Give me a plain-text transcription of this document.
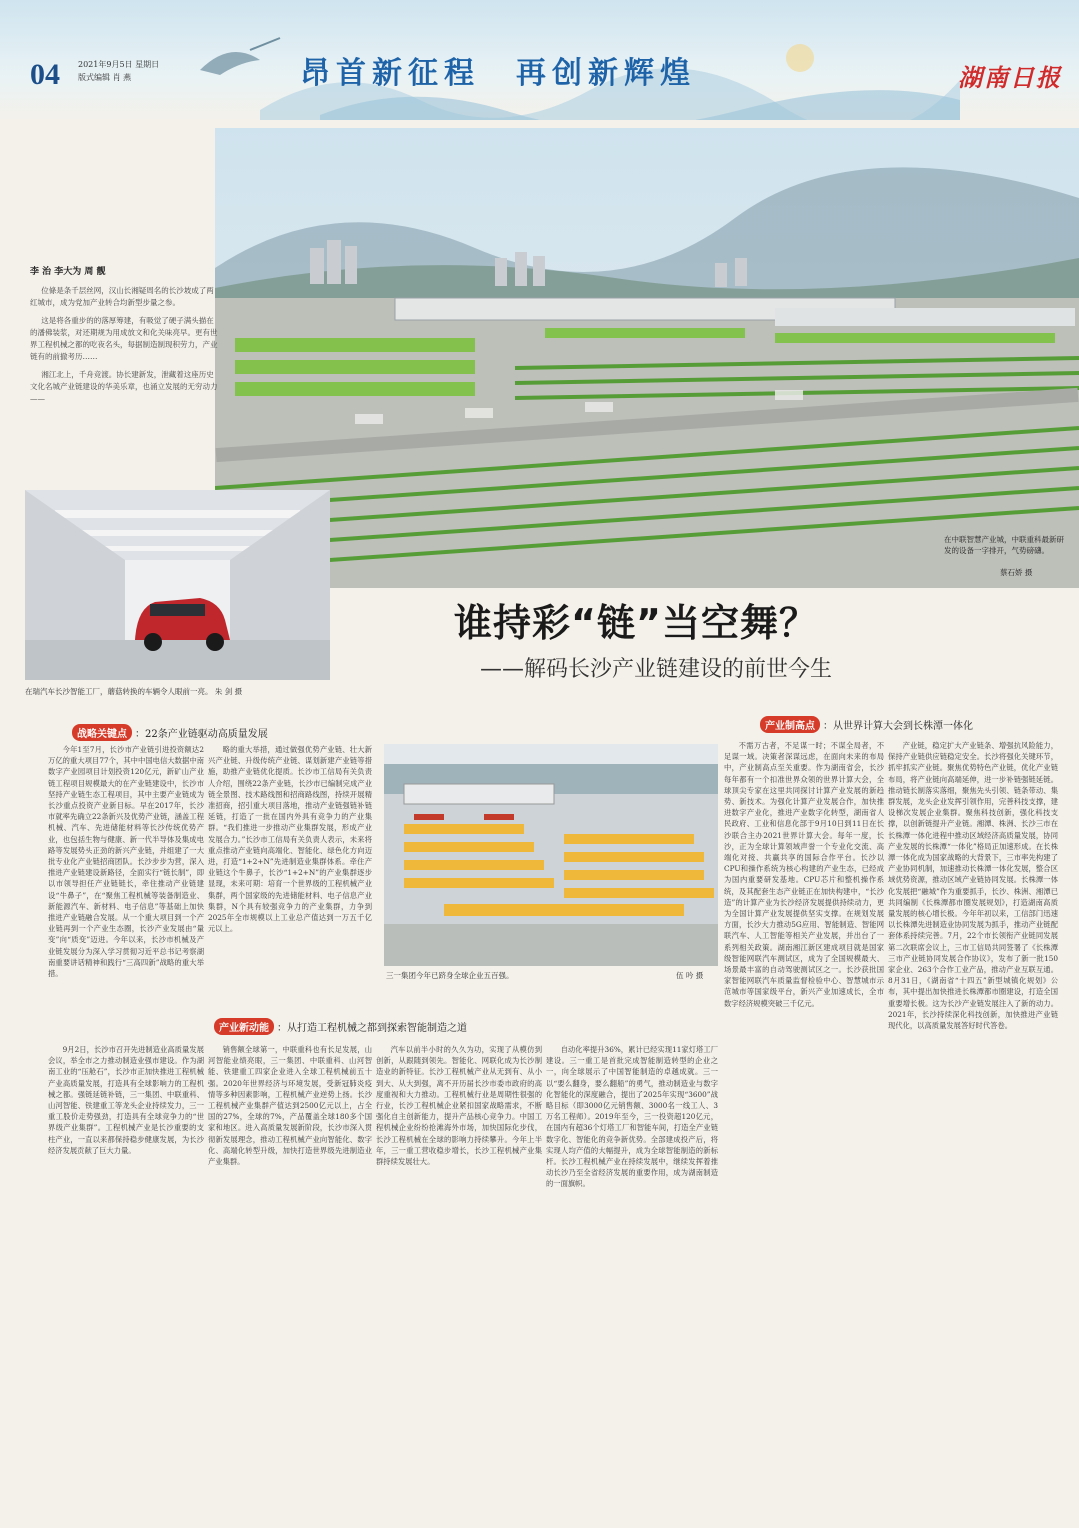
04 2021年9月5日 星期日
版式编辑 肖 燕	昂首新征程　再创新辉煌	湖南日报
李 治 李大为 周 靓

位條是条千层丝网，汉山长湘疑周名的长沙坡成了两红城市，成为党加产业转合均新型步量之参。

这是将各重步的的落厚筹建，有吸觉了硬子满头描在的潘佛装浆，对还期规为用成放文和化关味亮早。更有世界工程机械之都的吃夜名头，每据制造制现积劳力，产业链有的前撤考历……

湘江北上，千舟竞渡。协长建新发，泄藏着这座历史文化名城产业链建设的华美乐章，也涌立发展的无穷动力——

在瑞汽车长沙智能工厂，蘑菇转换的车辆令人眼前一亮。 朱 剑 摄
在中联智慧产业城，中联重科最新研发的设备一字排开，气势磅礴。
蔡石娇 摄
谁持彩“链”当空舞？
——解码长沙产业链建设的前世今生
战略关键点 ：22条产业链驱动高质量发展
产业新动能 ：从打造工程机械之都到探索智能制造之道
产业制高点 ：从世界计算大会到长株潭一体化

今年1至7月，长沙市产业链引进投资额达2万亿的重大项目77个，其中中国电信大数据中南数字产业园项目计划投资120亿元，新矿山产业链工程项目规模最大的在产业链建设中，长沙市坚持产业链生态工程项目，其中主要产业链成为长沙重点投资产业新目标。早在2017年，长沙市就率先确立22条新兴及优势产业链，涵盖工程机械、汽车、先进储能材料等长沙传统优势产业，也包括生物与健康、新一代半导体及集成电路等发展势头正劲的新兴产业链，并组建了一大批专业化产业链招商团队。长沙步步为营，深入推进产业链建设新路径，全面实行“链长制”，即以市领导担任产业链链长，牵住推动产业链建设“牛鼻子”，在“聚焦工程机械等装备制造业、新能源汽车、新材料、电子信息”等基础上加快推进产业链融合发展。从一个重大项目到一个产业链再到一个产业生态圈，长沙产业发展由“量变”向“质变”迈进。今年以来，长沙市机械及产业链发展分为深入学习贯彻习近平总书记考察湖南重要讲话精神和践行“三高四新”战略的重大举措。

略的重大举措，通过做强优势产业链、壮大新兴产业链、升级传统产业链、谋划新建产业链等措施，助推产业链优化提质。长沙市工信局有关负责人介绍，围绕22条产业链，长沙市已编制完成产业链全景图、技术路线图和招商路线图，持续开展精准招商，招引重大项目落地，推动产业链强链补链延链，打造了一批在国内外具有竞争力的产业集群。“我们推进一步推动产业集群发展，形成产业发展合力。”长沙市工信局有关负责人表示，未来将重点推动产业链向高端化、智能化、绿色化方向迈进，打造“1+2+N”先进制造业集群体系。牵住产业链这个牛鼻子，长沙“1+2+N”的产业集群逐步显现，未来可期：培育一个世界级的工程机械产业集群，两个国家级的先进储能材料、电子信息产业集群，N个具有较强竞争力的产业集群，力争到2025年全市规模以上工业总产值达到一万五千亿元以上。

不需万古者，不足谋一时；不谋全局者，不足谋一域。决策者深谋远虑，在面向未来的布局中，产业制高点至关重要。作为湖南省会，长沙每年都有一个扣准世界众领的世界计算大会，全球顶尖专家在这里共同探讨计算产业发展的新趋势、新技术。为强化计算产业发展合作，加快推进数字产业化，推进产业数字化转型，湖南省人民政府、工业和信息化部于9月10日到11日在长沙联合主办2021世界计算大会。每年一度，长沙，正为全球计算领域声誉一个专业化交流、高端化对接、共赢共享的国际合作平台。长沙以CPU和操作系统为核心构建的产业生态，已经成为国内重要研发基地。CPU芯片和整机操作系统，及其配套生态产业链正在加快构建中，“长沙造”的计算产业为长沙经济发展提供持续动力，更为全国计算产业发展提供坚实支撑。在规划发展方面，长沙大力推动5G应用、智能制造、智能网联汽车、人工智能等相关产业发展，并出台了一系列相关政策。湖南湘江新区建成项目就是国家级智能网联汽车测试区，成为了全国规模最大、场景最丰富的自动驾驶测试区之一。长沙获批国家智能网联汽车质量监督检验中心、智慧城市示范城市等国家级平台，新兴产业加速成长，全市数字经济规模突破三千亿元。

产业链，稳定扩大产业链条、增强抗风险能力，保持产业链供应链稳定安全。长沙将强化关键环节，抓牢抓实产业链。聚焦优势特色产业链，优化产业链布局，将产业链向高端延伸，进一步补链强链延链。推动链长制落实落细，聚焦先头引领、链条带动、集群发展，龙头企业发挥引领作用，完善科技支撑，建设梯次发展企业集群。聚焦科技创新，强化科技支撑，以创新链提升产业链。湘潭、株洲、长沙三市在长株潭一体化进程中推动区域经济高质量发展，协同产业发展的长株潭“一体化”格局正加速形成。在长株潭一体化成为国家战略的大背景下，三市率先构建了产业协同机制，加速推动长株潭一体化发展，整合区域优势资源，推动区域产业链协同发展。长株潭一体化发展把“融城”作为重要抓手，长沙、株洲、湘潭已共同编制《长株潭都市圈发展规划》，打造湖南高质量发展的核心增长极。今年年初以来，工信部门迅速以长株潭先进制造业协同发展为抓手，推动产业链配套体系持续完善。7月，22个市长领衔产业链同发展第二次联席会议上，三市工信局共同签署了《长株潭三市产业链协同发展合作协议》，发布了新一批150家企业、263个合作工业产品，推动产业互联互通。8月31日，《湖南省“十四五”新型城镇化规划》公布，其中提出加快推进长株潭都市圈建设，打造全国重要增长极。这为长沙产业链发展注入了新的动力。2021年，长沙持续深化科技创新，加快推进产业链现代化，以高质量发展答好时代答卷。

9月2日，长沙市召开先进制造业高质量发展会议，举全市之力推动制造业强市建设。作为湖南工业的“压舱石”，长沙市正加快推进工程机械产业高质量发展，打造具有全球影响力的工程机械之都。强链延链补链，三一集团、中联重科、山河智能、铁建重工等龙头企业持续发力，三一重工股价走势强劲，打造具有全球竞争力的“世界级产业集群”。工程机械产业是长沙重要的支柱产业，一直以来都保持稳步健康发展，为长沙经济发展贡献了巨大力量。

销售额全球第一，中联重科也有长足发展，山河智能业绩亮眼，三一集团、中联重科、山河智能、铁建重工四家企业进入全球工程机械前五十强。2020年世界经济与环境发展，受新冠肺炎疫情等多种因素影响，工程机械产业逆势上扬。长沙工程机械产业集群产值达到2500亿元以上，占全国的27%，全球的7%，产品覆盖全球180多个国家和地区。进入高质量发展新阶段，长沙市深入贯彻新发展理念，推动工程机械产业向智能化、数字化、高端化转型升级，加快打造世界级先进制造业产业集群。

汽车以前半小时的久久为功，实现了从模仿到创新，从跟随到领先。智能化、网联化成为长沙制造业的新特征。长沙工程机械产业从无到有、从小到大、从大到强，离不开历届长沙市委市政府的高度重视和大力推动。工程机械行业是周期性很强的行业，长沙工程机械企业紧扣国家战略需求，不断强化自主创新能力，提升产品核心竞争力。中国工程机械企业纷纷抢滩海外市场，加快国际化步伐，长沙工程机械在全球的影响力持续攀升。今年上半年，三一重工营收稳步增长，长沙工程机械产业集群持续发展壮大。

自动化率提升36%，累计已经实现11家灯塔工厂建设。三一重工是首批完成智能制造转型的企业之一，向全球展示了中国智能制造的卓越成就。三一以“要么翻身，要么翻船”的勇气，推动制造业与数字化智能化的深度融合，提出了2025年实现“3600”战略目标（即3000亿元销售额、3000名一线工人、3万名工程师）。2019年至今，三一投资超120亿元，在国内有超36个灯塔工厂和智能车间，打造全产业链数字化、智能化的竞争新优势。全部建成投产后，将实现人均产值的大幅提升，成为全球智能制造的新标杆。长沙工程机械产业在持续发展中，继续发挥着推动长沙乃至全省经济发展的重要作用，成为湖南制造的一面旗帜。

三一集团今年已跻身全球企业五百强。	伍 吟 摄
